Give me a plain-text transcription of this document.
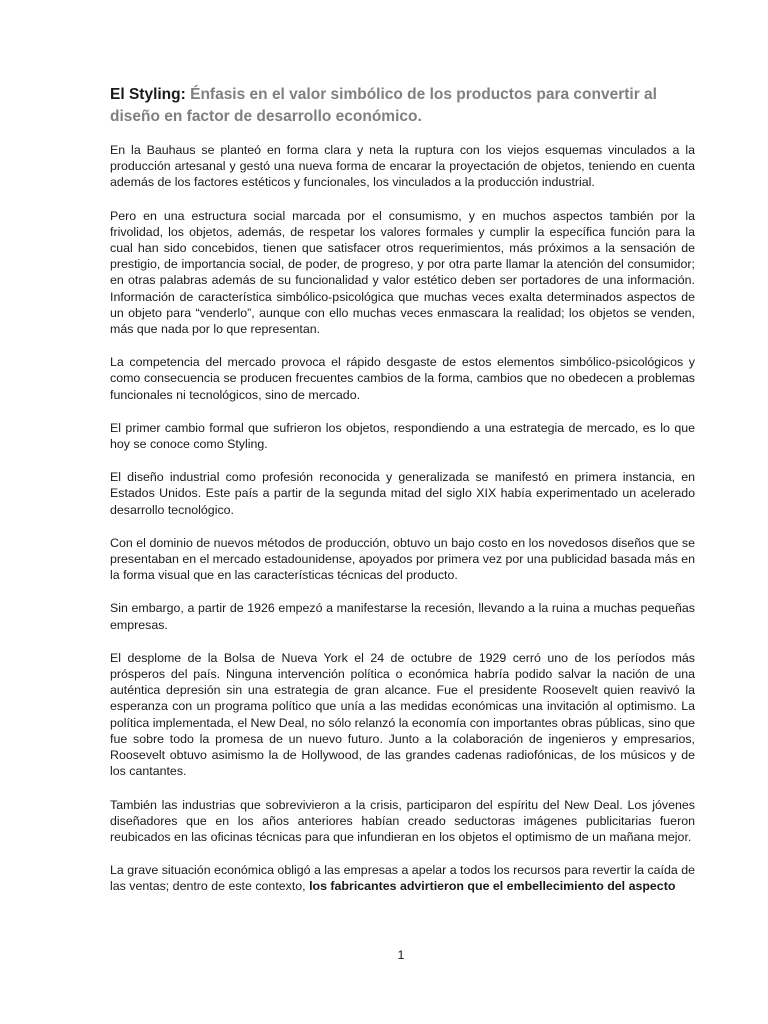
El Styling: Énfasis en el valor simbólico de los productos para convertir al diseño en factor de desarrollo económico.

En la Bauhaus se planteó en forma clara y neta la ruptura con los viejos esquemas vinculados a la producción artesanal y gestó una nueva forma de encarar la proyectación de objetos, teniendo en cuenta además de los factores estéticos y funcionales, los vinculados a la producción industrial.

Pero en una estructura social marcada por el consumismo, y en muchos aspectos también por la frivolidad, los objetos, además, de respetar los valores formales y cumplir la específica función para la cual han sido concebidos, tienen que satisfacer otros requerimientos, más próximos a la sensación de prestigio, de importancia social, de poder, de progreso, y por otra parte llamar la atención del consumidor; en otras palabras además de su funcionalidad y valor estético deben ser portadores de una información. Información de característica simbólico-psicológica que muchas veces exalta determinados aspectos de un objeto para “venderlo”, aunque con ello muchas veces enmascara la realidad; los objetos se venden, más que nada por lo que representan.

La competencia del mercado provoca el rápido desgaste de estos elementos simbólico-psicológicos y como consecuencia se producen frecuentes cambios de la forma, cambios que no obedecen a problemas funcionales ni tecnológicos, sino de mercado.

El primer cambio formal que sufrieron los objetos, respondiendo a una estrategia de mercado, es lo que hoy se conoce como Styling.

El diseño industrial como profesión reconocida y generalizada se manifestó en primera instancia, en Estados Unidos. Este país a partir de la segunda mitad del siglo XIX había experimentado un acelerado desarrollo tecnológico.

Con el dominio de nuevos métodos de producción, obtuvo un bajo costo en los novedosos diseños que se presentaban en el mercado estadounidense, apoyados por primera vez por una publicidad basada más en la forma visual que en las características técnicas del producto.

Sin embargo, a partir de 1926 empezó a manifestarse la recesión, llevando a la ruina a muchas pequeñas empresas.

El desplome de la Bolsa de Nueva York el 24 de octubre de 1929 cerró uno de los períodos más prósperos del país. Ninguna intervención política o económica habría podido salvar la nación de una auténtica depresión sin una estrategia de gran alcance. Fue el presidente Roosevelt quien reavivó la esperanza con un programa político que unía a las medidas económicas una invitación al optimismo. La política implementada, el New Deal, no sólo relanzó la economía con importantes obras públicas, sino que fue sobre todo la promesa de un nuevo futuro. Junto a la colaboración de ingenieros y empresarios, Roosevelt obtuvo asimismo la de Hollywood, de las grandes cadenas radiofónicas, de los músicos y de los cantantes.

También las industrias que sobrevivieron a la crisis, participaron del espíritu del New Deal. Los jóvenes diseñadores que en los años anteriores habían creado seductoras imágenes publicitarias fueron reubicados en las oficinas técnicas para que infundieran en los objetos el optimismo de un mañana mejor.

La grave situación económica obligó a las empresas a apelar a todos los recursos para revertir la caída de las ventas; dentro de este contexto, los fabricantes advirtieron que el embellecimiento del aspecto

1
